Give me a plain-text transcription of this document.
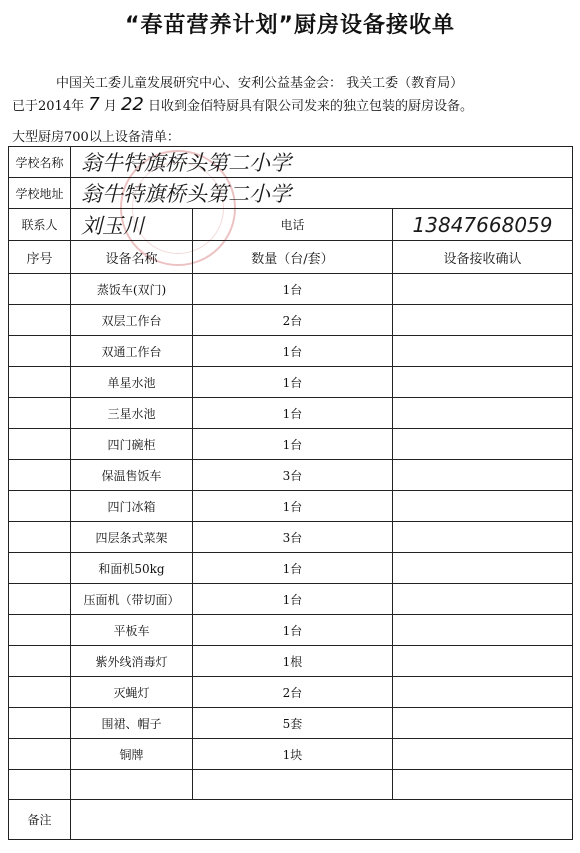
“春苗营养计划”厨房设备接收单
中国关工委儿童发展研究中心、安利公益基金会： 我关工委（教育局）
已于2014年 7 月 22 日收到金佰特厨具有限公司发来的独立包装的厨房设备。
大型厨房700以上设备清单：
学校名称	翁牛特旗桥头第二小学		
学校地址	翁牛特旗桥头第二小学		
联系人	刘玉川	电话	13847668059
序号	设备名称	数量（台/套）	设备接收确认
	蒸饭车(双门)	1台	
	双层工作台	2台	
	双通工作台	1台	
	单星水池	1台	
	三星水池	1台	
	四门碗柜	1台	
	保温售饭车	3台	
	四门冰箱	1台	
	四层条式菜架	3台	
	和面机50kg	1台	
	压面机（带切面）	1台	
	平板车	1台	
	紫外线消毒灯	1根	
	灭蝇灯	2台	
	围裙、帽子	5套	
	铜牌	1块	

备注			
